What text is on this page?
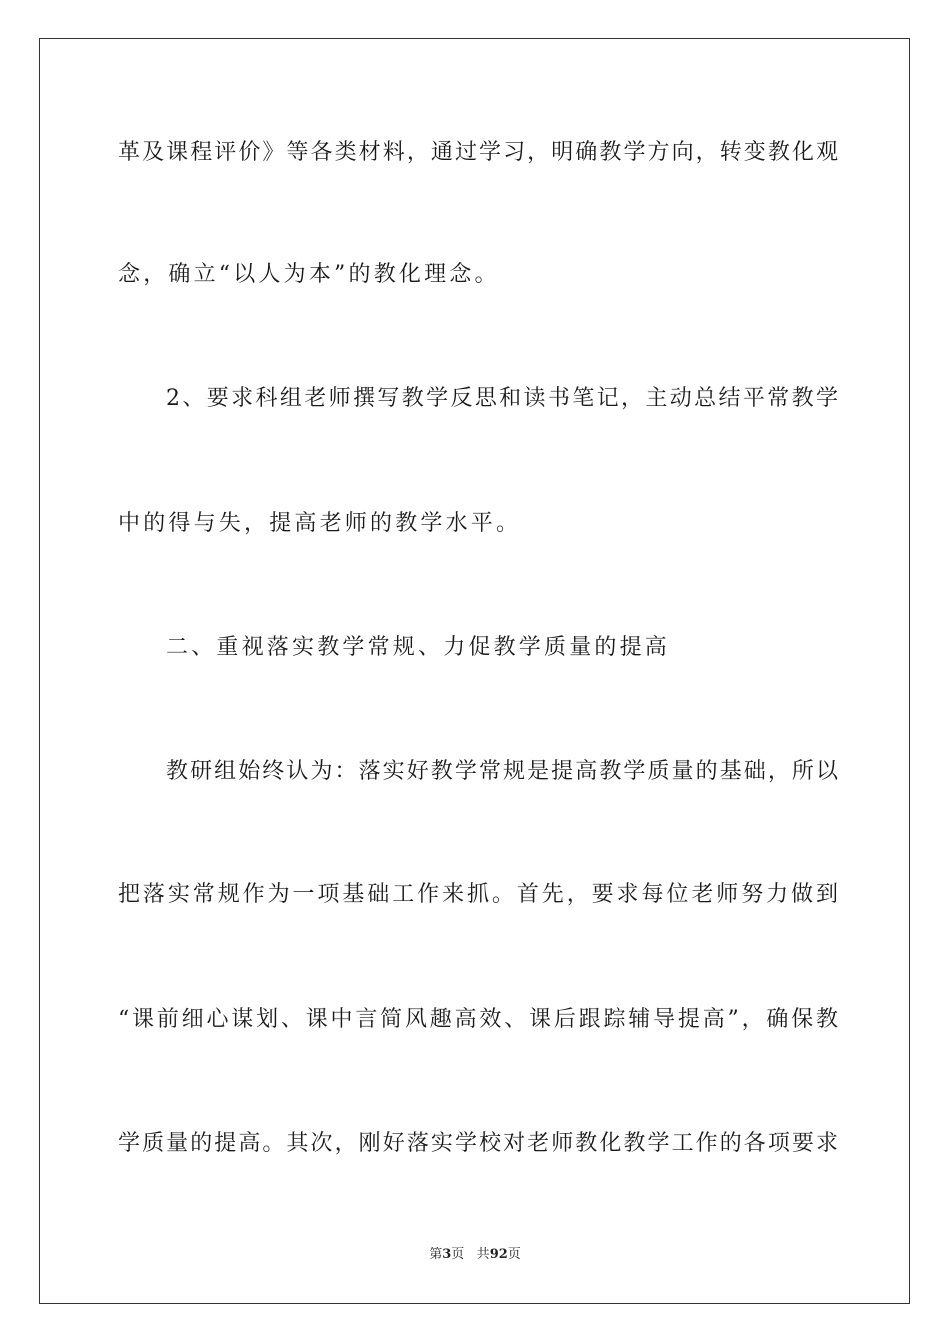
革及课程评价》等各类材料，通过学习，明确教学方向，转变教化观
念，确立“以人为本”的教化理念。
2、要求科组老师撰写教学反思和读书笔记，主动总结平常教学
中的得与失，提高老师的教学水平。
二、重视落实教学常规、力促教学质量的提高
教研组始终认为：落实好教学常规是提高教学质量的基础，所以
把落实常规作为一项基础工作来抓。首先，要求每位老师努力做到
“课前细心谋划、课中言简风趣高效、课后跟踪辅导提高”，确保教
学质量的提高。其次，刚好落实学校对老师教化教学工作的各项要求
第3页 共92页
